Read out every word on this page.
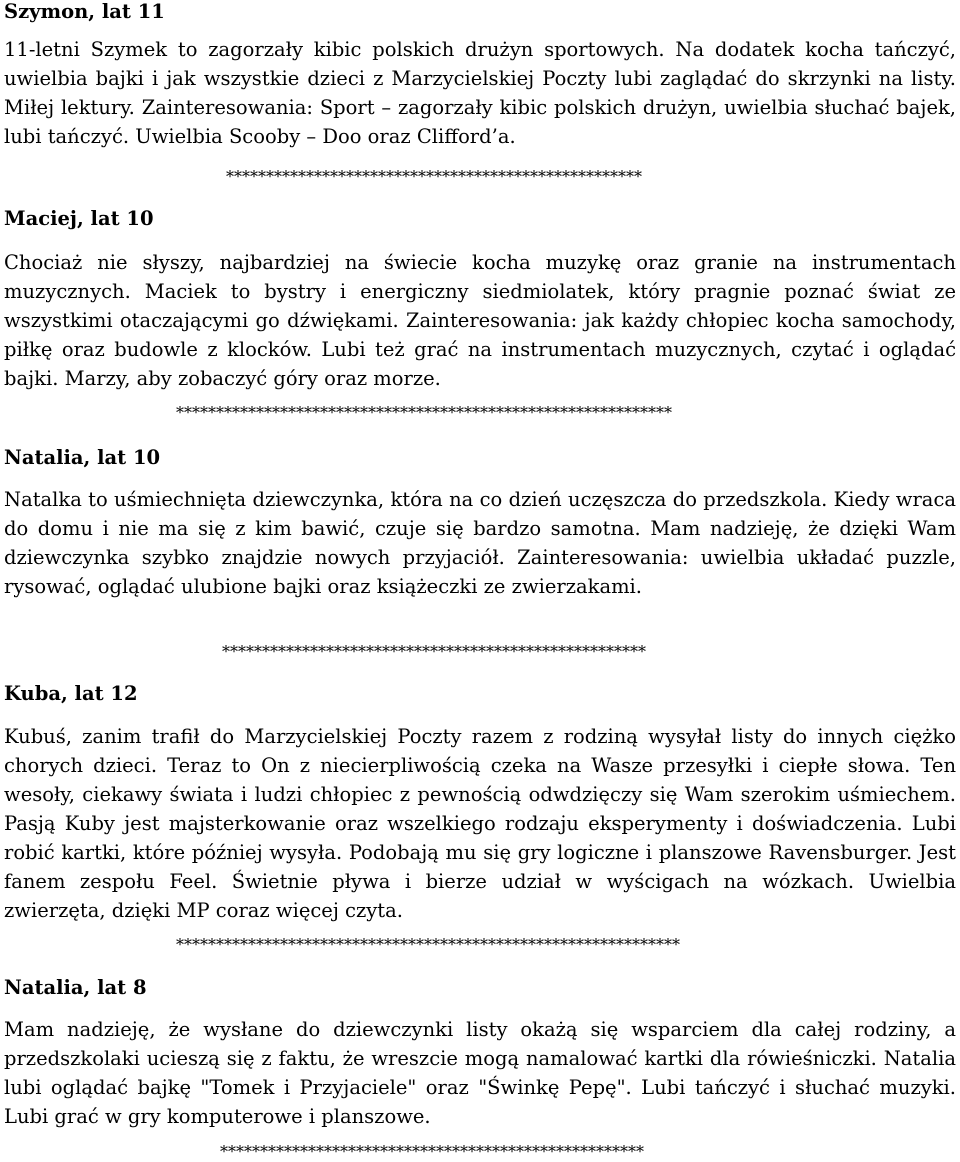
Szymon, lat 11

11-letni Szymek to zagorzały kibic polskich drużyn sportowych. Na dodatek kocha tańczyć, uwielbia bajki i jak wszystkie dzieci z Marzycielskiej Poczty lubi zaglądać do skrzynki na listy. Miłej lektury. Zainteresowania: Sport – zagorzały kibic polskich drużyn, uwielbia słuchać bajek, lubi tańczyć. Uwielbia Scooby – Doo oraz Clifford’a.

****************************************************
Maciej, lat 10

Chociaż nie słyszy, najbardziej na świecie kocha muzykę oraz granie na instrumentach muzycznych. Maciek to bystry i energiczny siedmiolatek, który pragnie poznać świat ze wszystkimi otaczającymi go dźwiękami. Zainteresowania: jak każdy chłopiec kocha samochody, piłkę oraz budowle z klocków. Lubi też grać na instrumentach muzycznych, czytać i oglądać bajki. Marzy, aby zobaczyć góry oraz morze.

**************************************************************
Natalia, lat 10

Natalka to uśmiechnięta dziewczynka, która na co dzień uczęszcza do przedszkola. Kiedy wraca do domu i nie ma się z kim bawić, czuje się bardzo samotna. Mam nadzieję, że dzięki Wam dziewczynka szybko znajdzie nowych przyjaciół. Zainteresowania: uwielbia układać puzzle, rysować, oglądać ulubione bajki oraz książeczki ze zwierzakami.

*****************************************************
Kuba, lat 12

Kubuś, zanim trafił do Marzycielskiej Poczty razem z rodziną wysyłał listy do innych ciężko chorych dzieci. Teraz to On z niecierpliwością czeka na Wasze przesyłki i ciepłe słowa. Ten wesoły, ciekawy świata i ludzi chłopiec z pewnością odwdzięczy się Wam szerokim uśmiechem. Pasją Kuby jest majsterkowanie oraz wszelkiego rodzaju eksperymenty i doświadczenia. Lubi robić kartki, które później wysyła. Podobają mu się gry logiczne i planszowe Ravensburger. Jest fanem zespołu Feel. Świetnie pływa i bierze udział w wyścigach na wózkach. Uwielbia zwierzęta, dzięki MP coraz więcej czyta.

***************************************************************
Natalia, lat 8

Mam nadzieję, że wysłane do dziewczynki listy okażą się wsparciem dla całej rodziny, a przedszkolaki ucieszą się z faktu, że wreszcie mogą namalować kartki dla rówieśniczki. Natalia lubi oglądać bajkę "Tomek i Przyjaciele" oraz "Świnkę Pepę". Lubi tańczyć i słuchać muzyki. Lubi grać w gry komputerowe i planszowe.

*****************************************************
